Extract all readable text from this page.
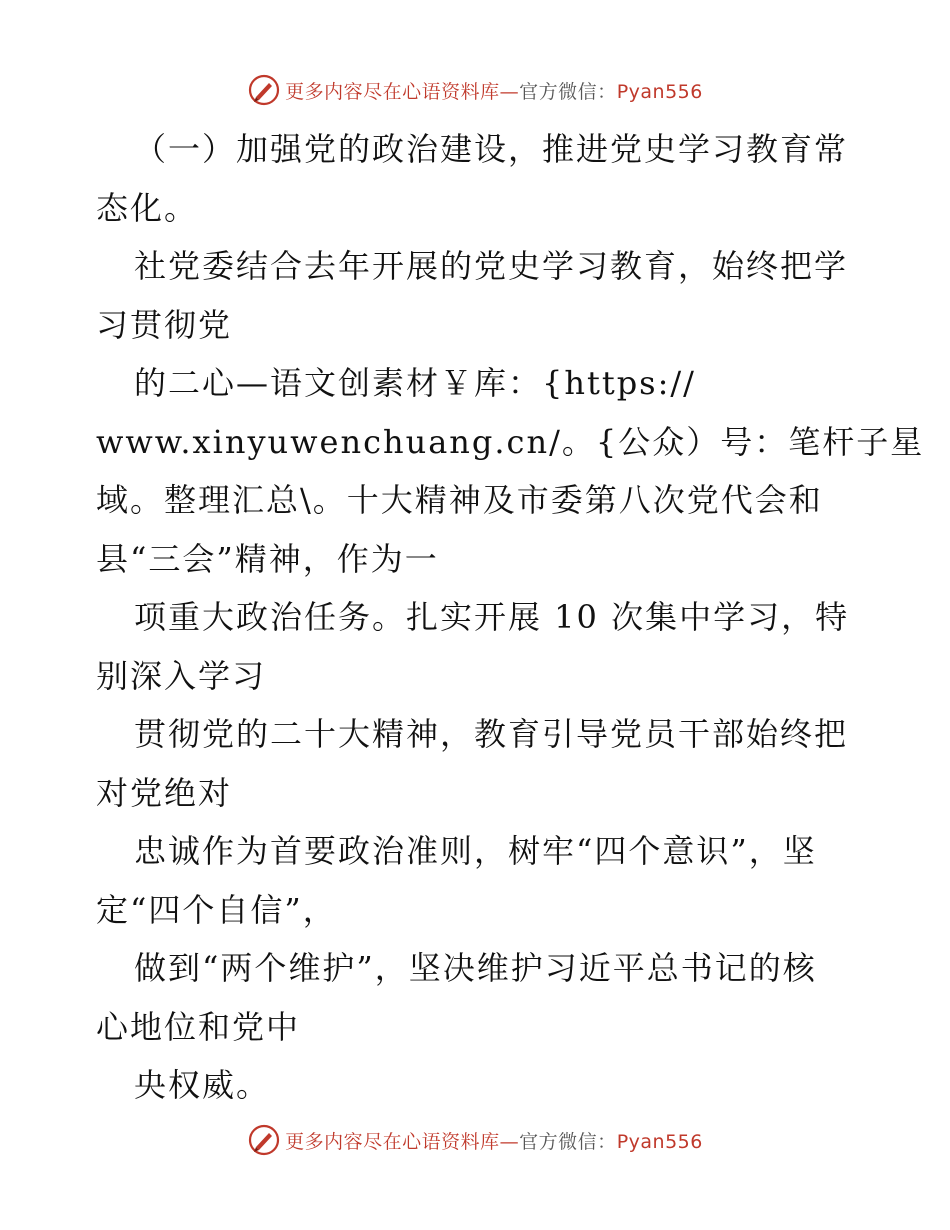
更多内容尽在心语资料库—官方微信：Pyan556
（一）加强党的政治建设，推进党史学习教育常
态化。
社党委结合去年开展的党史学习教育，始终把学
习贯彻党
的二心—语文创素材￥库：{https://
www.xinyuwenchuang.cn/。{公众）号：笔杆子星
域。整理汇总\。十大精神及市委第八次党代会和
县“三会”精神，作为一
项重大政治任务。扎实开展 10 次集中学习，特
别深入学习
贯彻党的二十大精神，教育引导党员干部始终把
对党绝对
忠诚作为首要政治准则，树牢“四个意识”，坚
定“四个自信”，
做到“两个维护”，坚决维护习近平总书记的核
心地位和党中
央权威。
更多内容尽在心语资料库—官方微信：Pyan556
